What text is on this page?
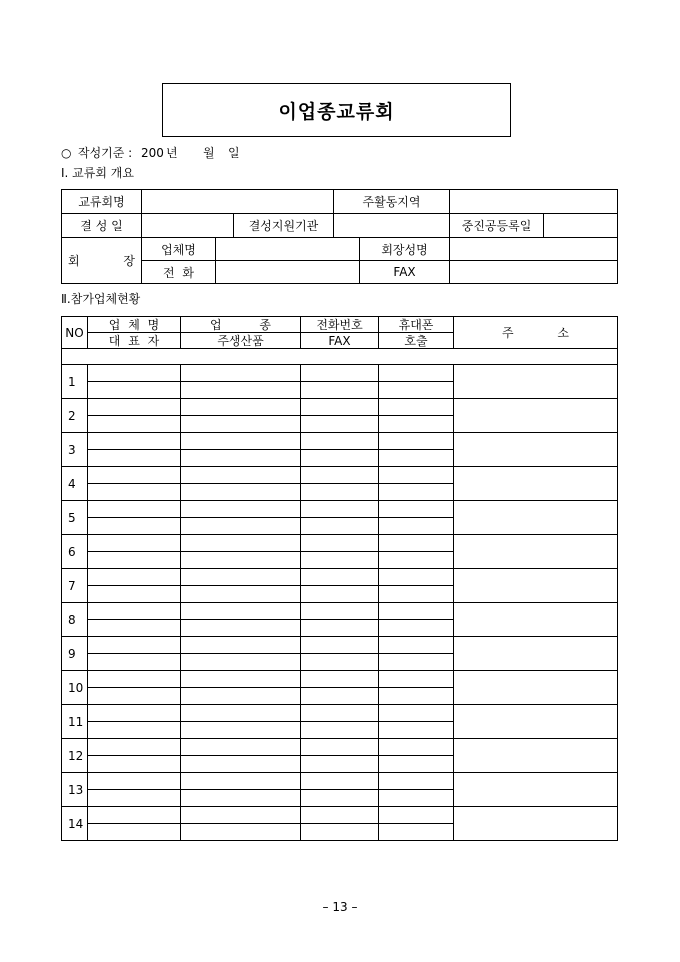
이업종교류회
○ 작성기준 : 200 년 월 일
Ⅰ. 교류회 개요
교류회명				주활동지역			
결 성 일			결성지원기관			중진공등록일	
회 장	업체명				회장성명		
	전 화				FAX		
Ⅱ.참가업체현황
NO	업 체 명	업 종	전화번호	휴대폰	주 소
	대 표 자	주생산품	FAX	호출	

1					

2					

3					

4					

5					

6					

7					

8					

9					

10					

11					

12					

13					

14					

– 13 –
